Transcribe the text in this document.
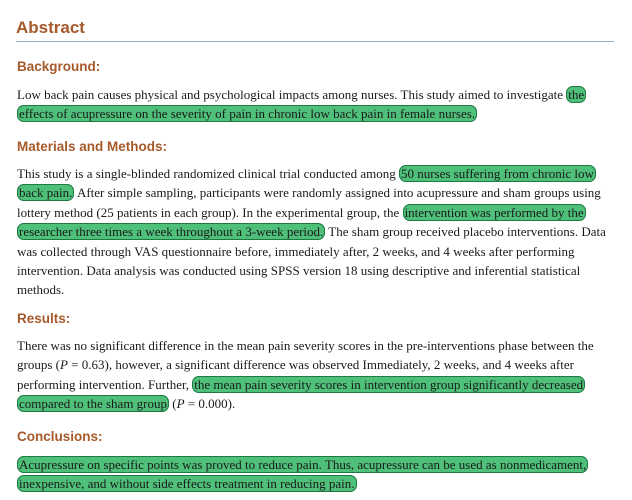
Abstract
Background:
Low back pain causes physical and psychological impacts among nurses. This study aimed to investigate the effects of acupressure on the severity of pain in chronic low back pain in female nurses.
Materials and Methods:
This study is a single-blinded randomized clinical trial conducted among 50 nurses suffering from chronic low back pain. After simple sampling, participants were randomly assigned into acupressure and sham groups using lottery method (25 patients in each group). In the experimental group, the intervention was performed by the researcher three times a week throughout a 3-week period. The sham group received placebo interventions. Data was collected through VAS questionnaire before, immediately after, 2 weeks, and 4 weeks after performing intervention. Data analysis was conducted using SPSS version 18 using descriptive and inferential statistical methods.
Results:
There was no significant difference in the mean pain severity scores in the pre-interventions phase between the groups (P = 0.63), however, a significant difference was observed Immediately, 2 weeks, and 4 weeks after performing intervention. Further, the mean pain severity scores in intervention group significantly decreased compared to the sham group (P = 0.000).
Conclusions:
Acupressure on specific points was proved to reduce pain. Thus, acupressure can be used as nonmedicament, inexpensive, and without side effects treatment in reducing pain.
